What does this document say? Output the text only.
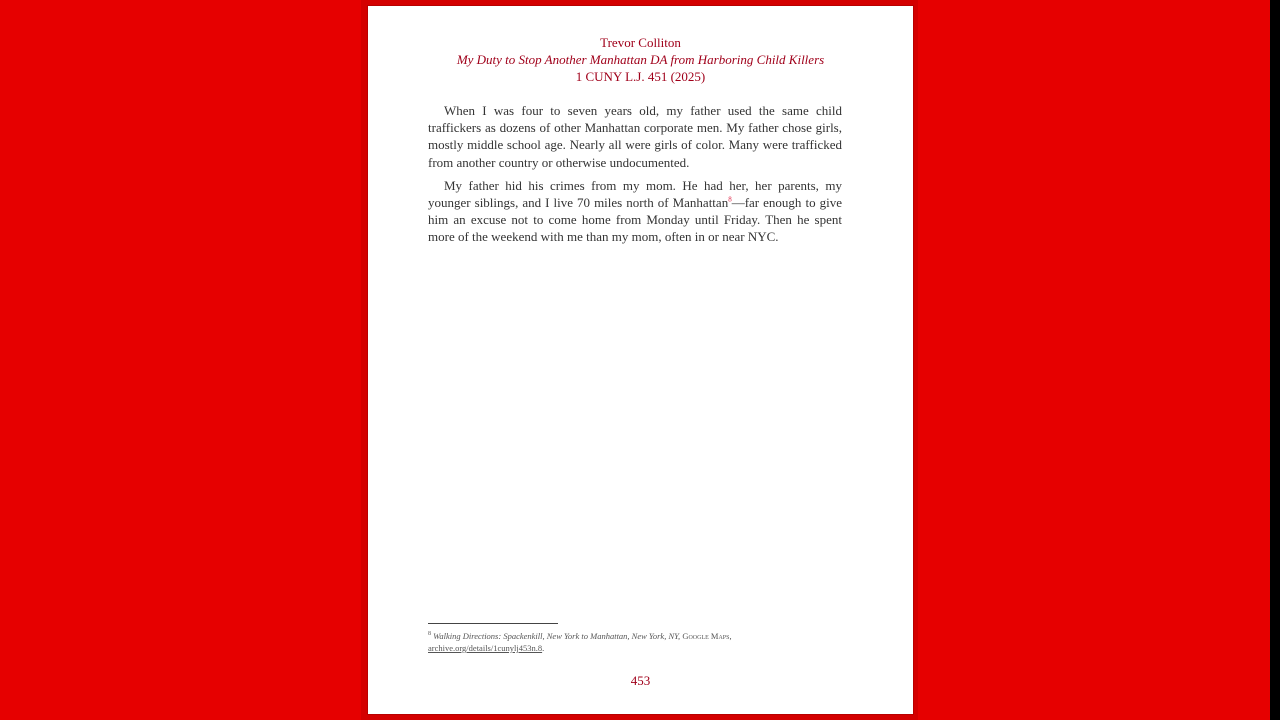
Trevor Colliton
My Duty to Stop Another Manhattan DA from Harboring Child Killers
1 CUNY L.J. 451 (2025)

When I was four to seven years old, my father used the same child traffickers as dozens of other Manhattan corporate men. My father chose girls, mostly middle school age. Nearly all were girls of color. Many were trafficked from another country or otherwise undocumented.

My father hid his crimes from my mom. He had her, her parents, my younger siblings, and I live 70 miles north of Manhattan$^8$—far enough to give him an excuse not to come home from Monday until Friday. Then he spent more of the weekend with me than my mom, often in or near NYC.

$^8$ Walking Directions: Spackenkill, New York to Manhattan, New York, NY, Google Maps,
archive.org/details/1cunylj453n.8.
453
